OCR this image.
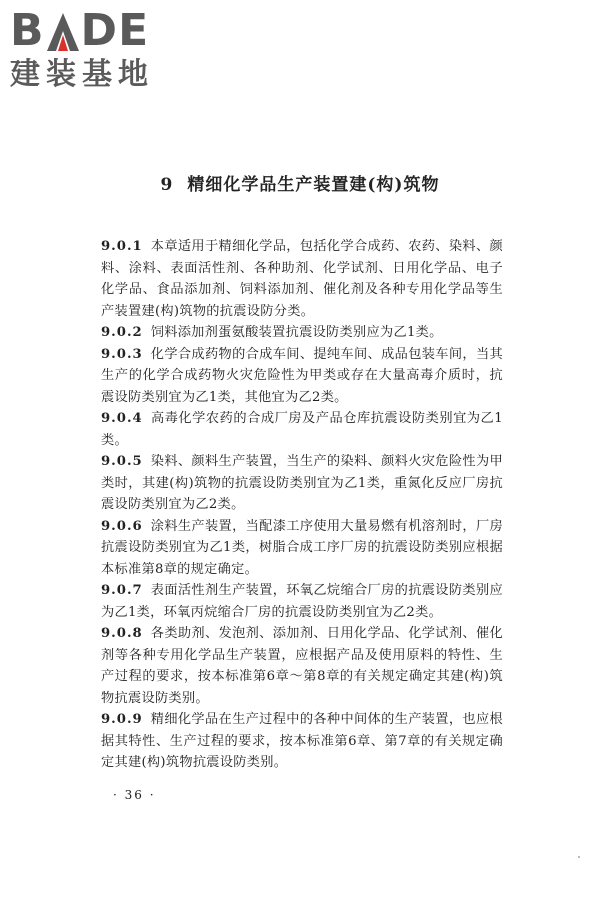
B DE
建装基地
9 精细化学品生产装置建(构)筑物

9.0.1 本章适用于精细化学品，包括化学合成药、农药、染料、颜料、涂料、表面活性剂、各种助剂、化学试剂、日用化学品、电子化学品、食品添加剂、饲料添加剂、催化剂及各种专用化学品等生产装置建(构)筑物的抗震设防分类。

9.0.2 饲料添加剂蛋氨酸装置抗震设防类别应为乙1类。

9.0.3 化学合成药物的合成车间、提纯车间、成品包装车间，当其生产的化学合成药物火灾危险性为甲类或存在大量高毒介质时，抗震设防类别宜为乙1类，其他宜为乙2类。

9.0.4 高毒化学农药的合成厂房及产品仓库抗震设防类别宜为乙1类。

9.0.5 染料、颜料生产装置，当生产的染料、颜料火灾危险性为甲类时，其建(构)筑物的抗震设防类别宜为乙1类，重氮化反应厂房抗震设防类别宜为乙2类。

9.0.6 涂料生产装置，当配漆工序使用大量易燃有机溶剂时，厂房抗震设防类别宜为乙1类，树脂合成工序厂房的抗震设防类别应根据本标准第8章的规定确定。

9.0.7 表面活性剂生产装置，环氧乙烷缩合厂房的抗震设防类别应为乙1类，环氧丙烷缩合厂房的抗震设防类别宜为乙2类。

9.0.8 各类助剂、发泡剂、添加剂、日用化学品、化学试剂、催化剂等各种专用化学品生产装置，应根据产品及使用原料的特性、生产过程的要求，按本标准第6章～第8章的有关规定确定其建(构)筑物抗震设防类别。

9.0.9 精细化学品在生产过程中的各种中间体的生产装置，也应根据其特性、生产过程的要求，按本标准第6章、第7章的有关规定确定其建(构)筑物抗震设防类别。

· 36 ·
